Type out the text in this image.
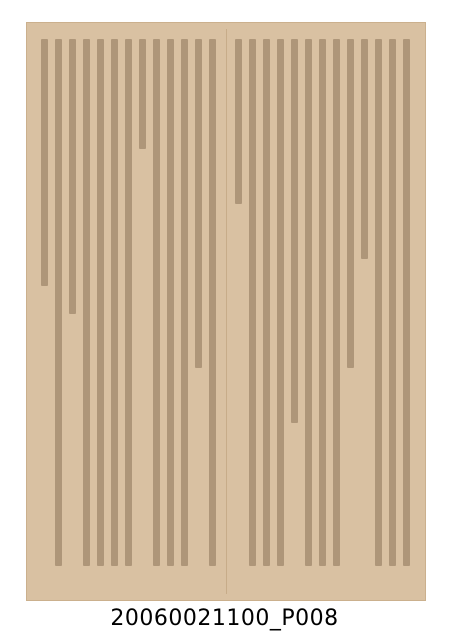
20060021100_P008
